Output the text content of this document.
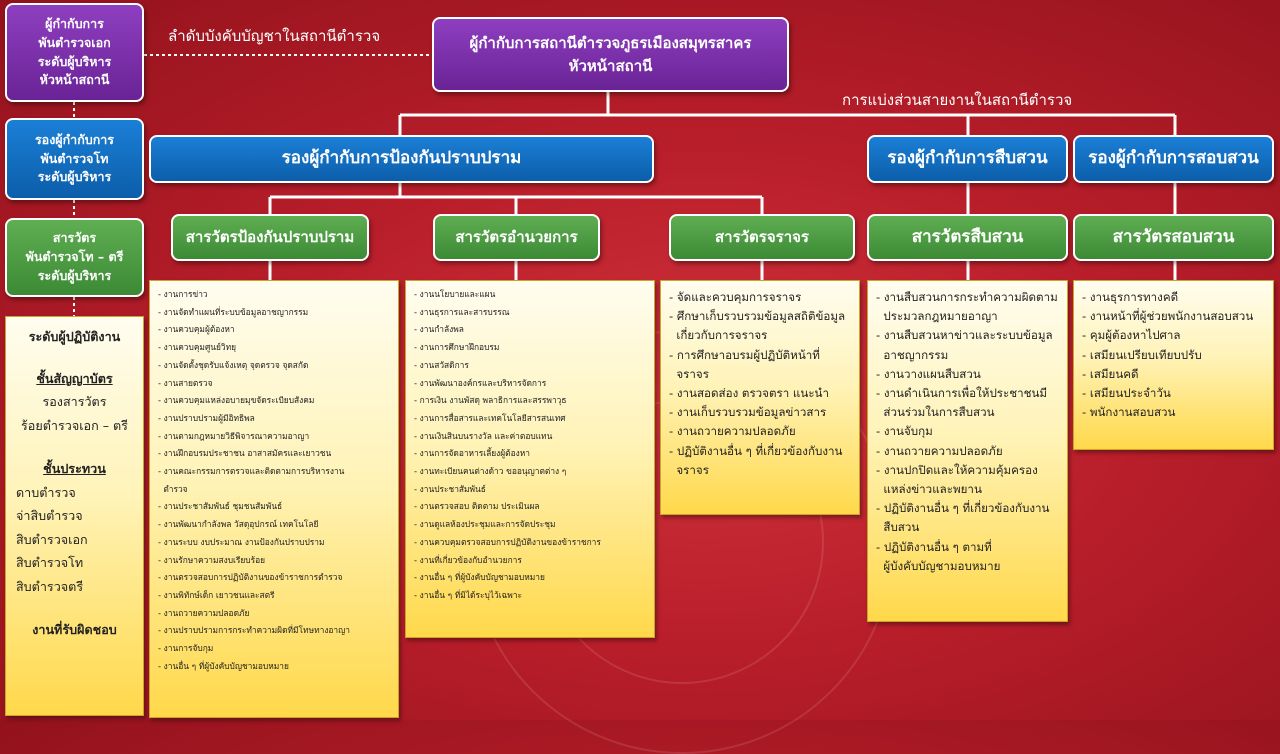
ผู้กำกับการ
พันตำรวจเอก
ระดับผู้บริหาร
หัวหน้าสถานี
รองผู้กำกับการ
พันตำรวจโท
ระดับผู้บริหาร
สารวัตร
พันตำรวจโท – ตรี
ระดับผู้บริหาร
ระดับผู้ปฏิบัติงาน
ชั้นสัญญาบัตร
รองสารวัตร
ร้อยตำรวจเอก – ตรี
ชั้นประทวน
ดาบตำรวจ
จ่าสิบตำรวจ
สิบตำรวจเอก
สิบตำรวจโท
สิบตำรวจตรี
งานที่รับผิดชอบ
ลำดับบังคับบัญชาในสถานีตำรวจ
การแบ่งส่วนสายงานในสถานีตำรวจ
ผู้กำกับการสถานีตำรวจภูธรเมืองสมุทรสาคร
หัวหน้าสถานี
รองผู้กำกับการป้องกันปราบปราม	รองผู้กำกับการสืบสวน	รองผู้กำกับการสอบสวน
สารวัตรป้องกันปราบปราม	สารวัตรอำนวยการ	สารวัตรจราจร	สารวัตรสืบสวน	สารวัตรสอบสวน
- งานการข่าว
- งานจัดทำแผนที่ระบบข้อมูลอาชญากรรม
- งานควบคุมผู้ต้องหา
- งานควบคุมศูนย์วิทยุ
- งานจัดตั้งชุดรับแจ้งเหตุ จุดตรวจ จุดสกัด
- งานสายตรวจ
- งานควบคุมแหล่งอบายมุขจัดระเบียบสังคม
- งานปราบปรามผู้มีอิทธิพล
- งานตามกฎหมายวิธีพิจารณาความอาญา
- งานฝึกอบรมประชาชน อาสาสมัครและเยาวชน
- งานคณะกรรมการตรวจและติดตามการบริหารงาน
ตำรวจ
- งานประชาสัมพันธ์ ชุมชนสัมพันธ์
- งานพัฒนากำลังพล วัสดุอุปกรณ์ เทคโนโลยี
- งานระบบ งบประมาณ งานป้องกันปราบปราม
- งานรักษาความสงบเรียบร้อย
- งานตรวจสอบการปฏิบัติงานของข้าราชการตำรวจ
- งานพิทักษ์เด็ก เยาวชนและสตรี
- งานถวายความปลอดภัย
- งานปราบปรามการกระทำความผิดที่มีโทษทางอาญา
- งานการจับกุม
- งานอื่น ๆ ที่ผู้บังคับบัญชามอบหมาย
- งานนโยบายและแผน
- งานธุรการและสารบรรณ
- งานกำลังพล
- งานการศึกษาฝึกอบรม
- งานสวัสดิการ
- งานพัฒนาองค์กรและบริหารจัดการ
- การเงิน งานพัสดุ พลาธิการและสรรพาวุธ
- งานการสื่อสารและเทคโนโลยีสารสนเทศ
- งานเงินสินบนรางวัล และค่าตอบแทน
- งานการจัดอาหารเลี้ยงผู้ต้องหา
- งานทะเบียนคนต่างด้าว ขออนุญาตต่าง ๆ
- งานประชาสัมพันธ์
- งานตรวจสอบ ติดตาม ประเมินผล
- งานดูแลห้องประชุมและการจัดประชุม
- งานควบคุมตรวจสอบการปฏิบัติงานของข้าราชการ
- งานที่เกี่ยวข้องกับอำนวยการ
- งานอื่น ๆ ที่ผู้บังคับบัญชามอบหมาย
- งานอื่น ๆ ที่มิได้ระบุไว้เฉพาะ
- จัดและควบคุมการจราจร
- ศึกษาเก็บรวบรวมข้อมูลสถิติข้อมูล
เกี่ยวกับการจราจร
- การศึกษาอบรมผู้ปฏิบัติหน้าที่
จราจร
- งานสอดส่อง ตรวจตรา แนะนำ
- งานเก็บรวบรวมข้อมูลข่าวสาร
- งานถวายความปลอดภัย
- ปฏิบัติงานอื่น ๆ ที่เกี่ยวข้องกับงาน
จราจร
- งานสืบสวนการกระทำความผิดตาม
ประมวลกฎหมายอาญา
- งานสืบสวนหาข่าวและระบบข้อมูล
อาชญากรรม
- งานวางแผนสืบสวน
- งานดำเนินการเพื่อให้ประชาชนมี
ส่วนร่วมในการสืบสวน
- งานจับกุม
- งานถวายความปลอดภัย
- งานปกปิดและให้ความคุ้มครอง
แหล่งข่าวและพยาน
- ปฏิบัติงานอื่น ๆ ที่เกี่ยวข้องกับงาน
สืบสวน
- ปฏิบัติงานอื่น ๆ ตามที่
ผู้บังคับบัญชามอบหมาย
- งานธุรการทางคดี
- งานหน้าที่ผู้ช่วยพนักงานสอบสวน
- คุมผู้ต้องหาไปศาล
- เสมียนเปรียบเทียบปรับ
- เสมียนคดี
- เสมียนประจำวัน
- พนักงานสอบสวน
